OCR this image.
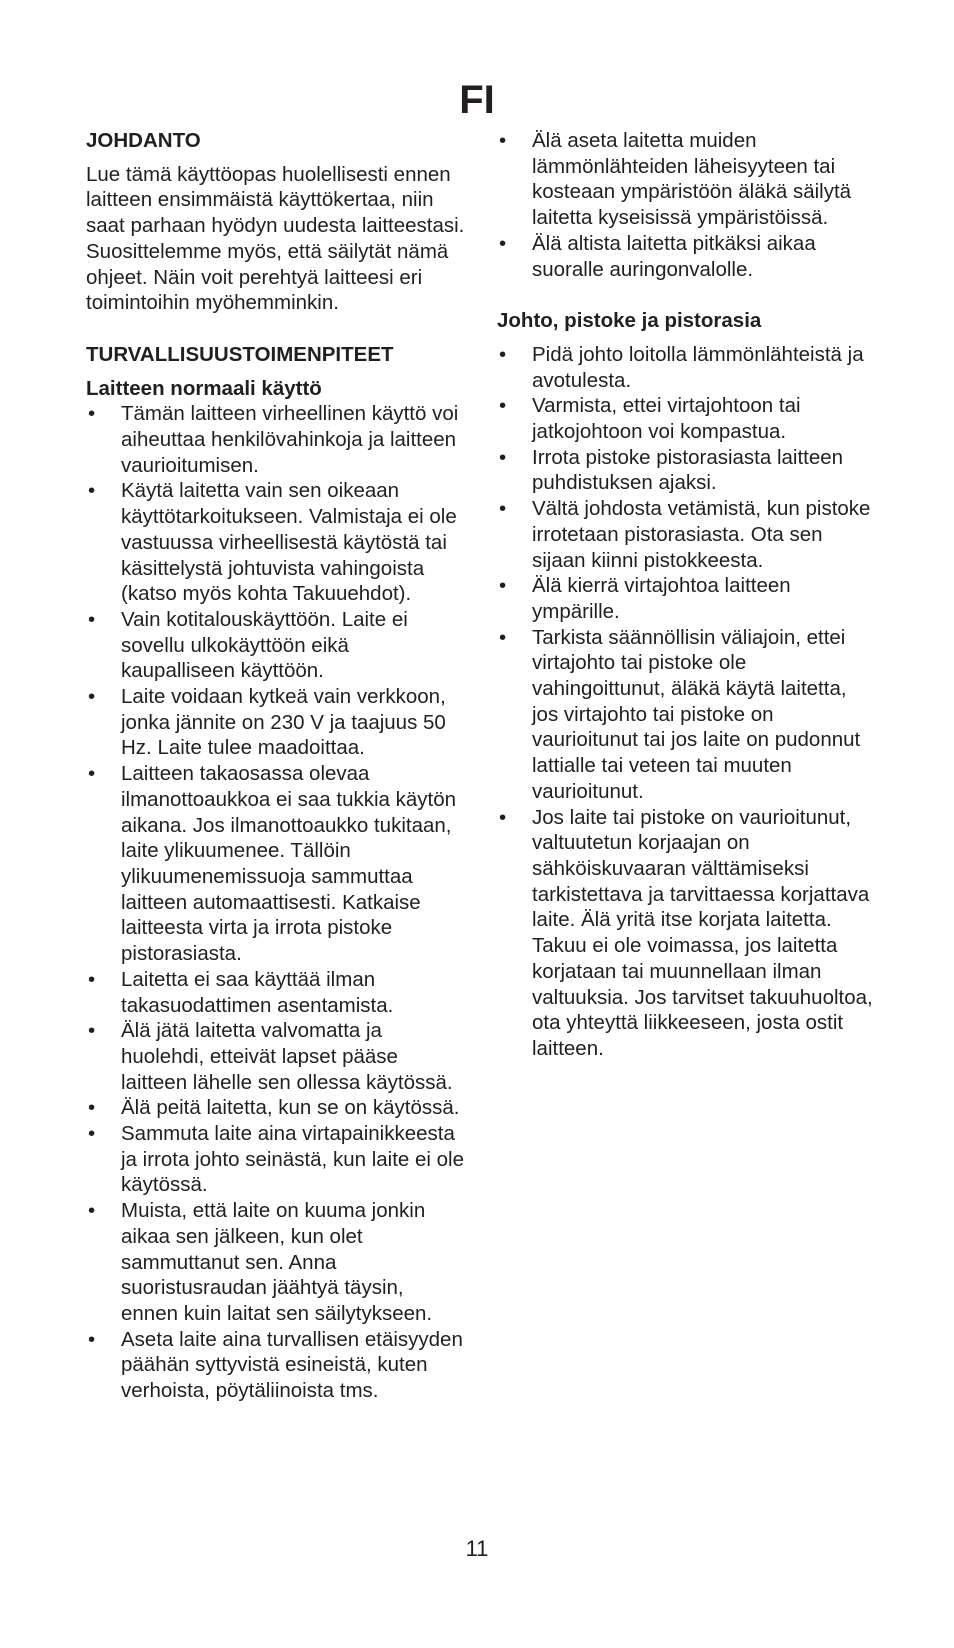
FI
JOHDANTO

Lue tämä käyttöopas huolellisesti ennen laitteen ensimmäistä käyttökertaa, niin saat parhaan hyödyn uudesta laitteestasi. Suosittelemme myös, että säilytät nämä ohjeet. Näin voit perehtyä laitteesi eri toimintoihin myöhemminkin.

TURVALLISUUSTOIMENPITEET
Laitteen normaali käyttö
• Tämän laitteen virheellinen käyttö voi aiheuttaa henkilövahinkoja ja laitteen vaurioitumisen.
• Käytä laitetta vain sen oikeaan käyttötarkoitukseen. Valmistaja ei ole vastuussa virheellisestä käytöstä tai käsittelystä johtuvista vahingoista (katso myös kohta Takuuehdot).
• Vain kotitalouskäyttöön. Laite ei sovellu ulkokäyttöön eikä kaupalliseen käyttöön.
• Laite voidaan kytkeä vain verkkoon, jonka jännite on 230 V ja taajuus 50 Hz. Laite tulee maadoittaa.
• Laitteen takaosassa olevaa ilmanottoaukkoa ei saa tukkia käytön aikana. Jos ilmanottoaukko tukitaan, laite ylikuumenee. Tällöin ylikuumenemissuoja sammuttaa laitteen automaattisesti. Katkaise laitteesta virta ja irrota pistoke pistorasiasta.
• Laitetta ei saa käyttää ilman takasuodattimen asentamista.
• Älä jätä laitetta valvomatta ja huolehdi, etteivät lapset pääse laitteen lähelle sen ollessa käytössä.
• Älä peitä laitetta, kun se on käytössä.
• Sammuta laite aina virtapainikkeesta ja irrota johto seinästä, kun laite ei ole käytössä.
• Muista, että laite on kuuma jonkin aikaa sen jälkeen, kun olet sammuttanut sen. Anna suoristusraudan jäähtyä täysin, ennen kuin laitat sen säilytykseen.
• Aseta laite aina turvallisen etäisyyden päähän syttyvistä esineistä, kuten verhoista, pöytäliinoista tms.
• Älä aseta laitetta muiden lämmönlähteiden läheisyyteen tai kosteaan ympäristöön äläkä säilytä laitetta kyseisissä ympäristöissä.
• Älä altista laitetta pitkäksi aikaa suoralle auringonvalolle.
Johto, pistoke ja pistorasia
• Pidä johto loitolla lämmönlähteistä ja avotulesta.
• Varmista, ettei virtajohtoon tai jatkojohtoon voi kompastua.
• Irrota pistoke pistorasiasta laitteen puhdistuksen ajaksi.
• Vältä johdosta vetämistä, kun pistoke irrotetaan pistorasiasta. Ota sen sijaan kiinni pistokkeesta.
• Älä kierrä virtajohtoa laitteen ympärille.
• Tarkista säännöllisin väliajoin, ettei virtajohto tai pistoke ole vahingoittunut, äläkä käytä laitetta, jos virtajohto tai pistoke on vaurioitunut tai jos laite on pudonnut lattialle tai veteen tai muuten vaurioitunut.
• Jos laite tai pistoke on vaurioitunut, valtuutetun korjaajan on sähköiskuvaaran välttämiseksi tarkistettava ja tarvittaessa korjattava laite. Älä yritä itse korjata laitetta. Takuu ei ole voimassa, jos laitetta korjataan tai muunnellaan ilman valtuuksia. Jos tarvitset takuuhuoltoa, ota yhteyttä liikkeeseen, josta ostit laitteen.
11
